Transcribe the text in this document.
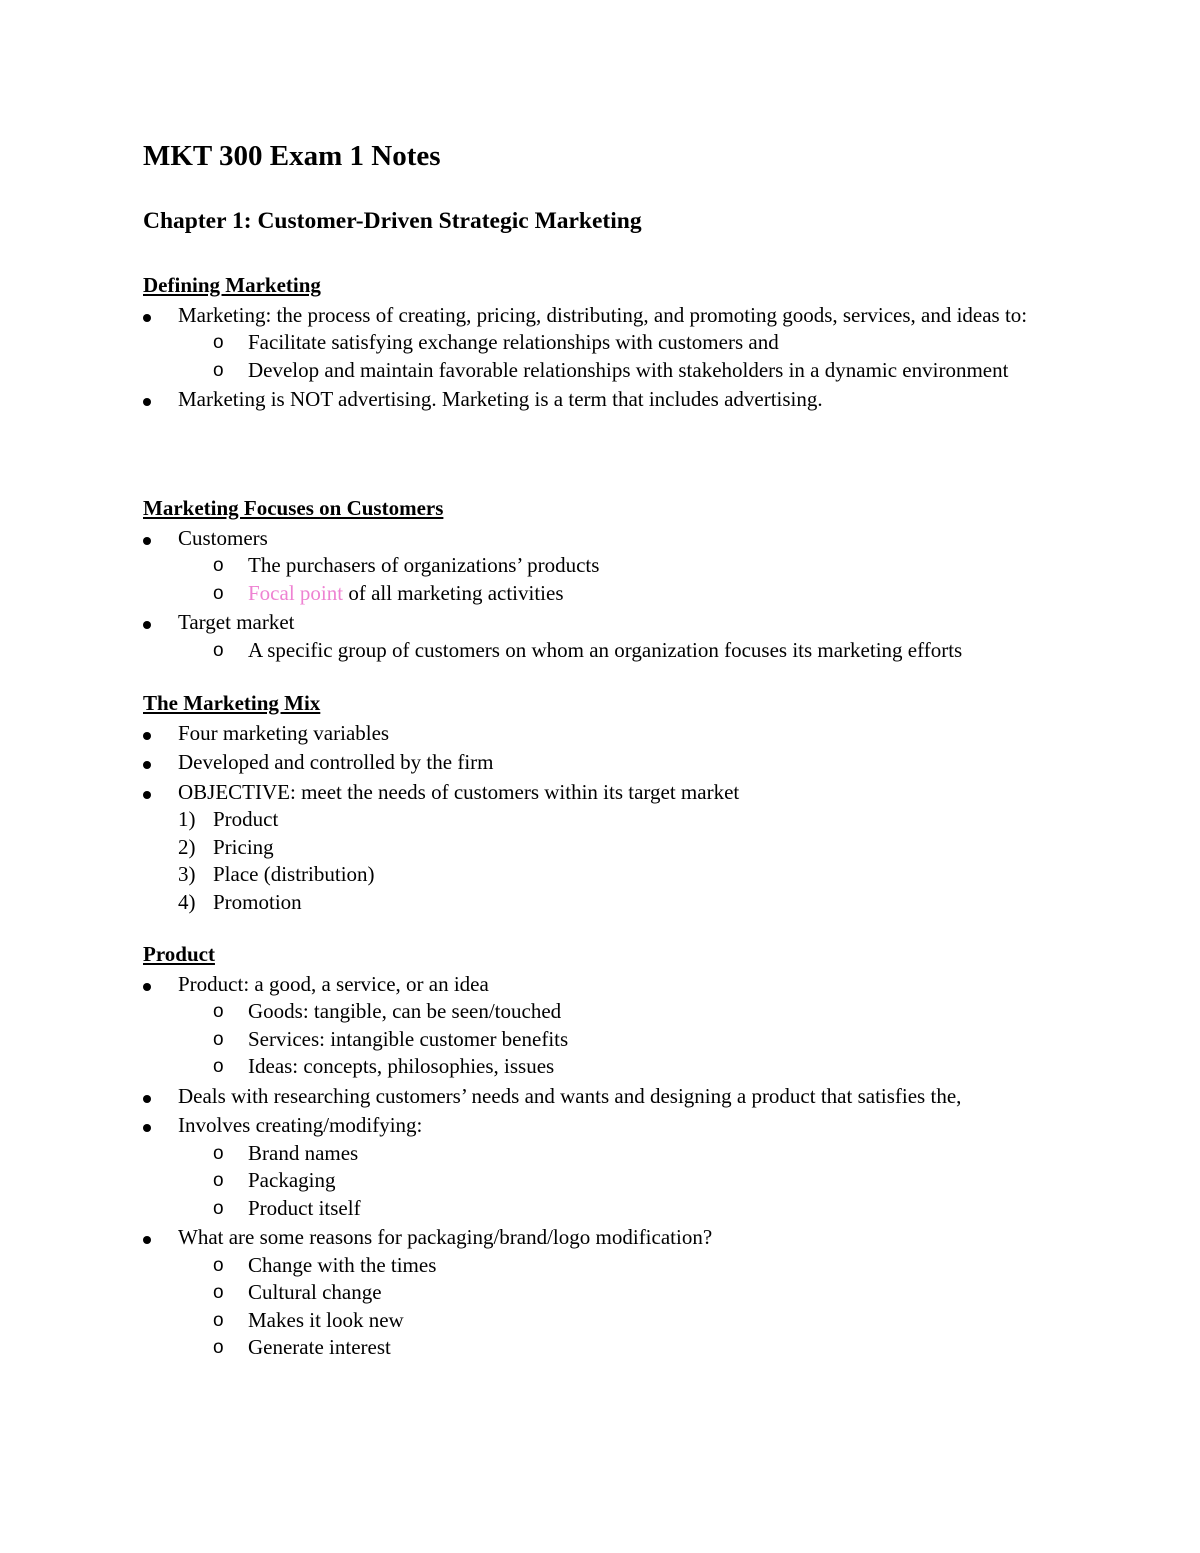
MKT 300 Exam 1 Notes
Chapter 1: Customer-Driven Strategic Marketing
Defining Marketing
Marketing: the process of creating, pricing, distributing, and promoting goods, services, and ideas to:
o Facilitate satisfying exchange relationships with customers and
o Develop and maintain favorable relationships with stakeholders in a dynamic environment
Marketing is NOT advertising. Marketing is a term that includes advertising.
Marketing Focuses on Customers
Customers
o The purchasers of organizations’ products
o Focal point of all marketing activities
Target market
o A specific group of customers on whom an organization focuses its marketing efforts
The Marketing Mix
Four marketing variables
Developed and controlled by the firm
OBJECTIVE: meet the needs of customers within its target market
1) Product
2) Pricing
3) Place (distribution)
4) Promotion
Product
Product: a good, a service, or an idea
o Goods: tangible, can be seen/touched
o Services: intangible customer benefits
o Ideas: concepts, philosophies, issues
Deals with researching customers’ needs and wants and designing a product that satisfies the,
Involves creating/modifying:
o Brand names
o Packaging
o Product itself
What are some reasons for packaging/brand/logo modification?
o Change with the times
o Cultural change
o Makes it look new
o Generate interest
